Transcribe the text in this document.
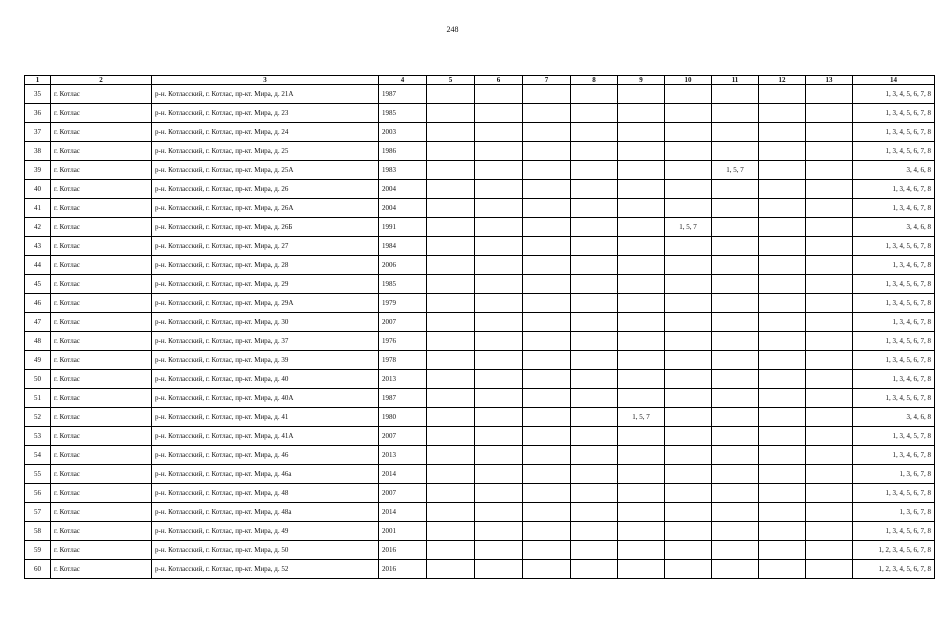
248
1	2	3	4	5	6	7	8	9	10	11	12	13	14
35	г. Котлас	р-н. Котласский, г. Котлас, пр-кт. Мира, д. 21А	1987										1, 3, 4, 5, 6, 7, 8
36	г. Котлас	р-н. Котласский, г. Котлас, пр-кт. Мира, д. 23	1985										1, 3, 4, 5, 6, 7, 8
37	г. Котлас	р-н. Котласский, г. Котлас, пр-кт. Мира, д. 24	2003										1, 3, 4, 5, 6, 7, 8
38	г. Котлас	р-н. Котласский, г. Котлас, пр-кт. Мира, д. 25	1986										1, 3, 4, 5, 6, 7, 8
39	г. Котлас	р-н. Котласский, г. Котлас, пр-кт. Мира, д. 25А	1983							1, 5, 7			3, 4, 6, 8
40	г. Котлас	р-н. Котласский, г. Котлас, пр-кт. Мира, д. 26	2004										1, 3, 4, 6, 7, 8
41	г. Котлас	р-н. Котласский, г. Котлас, пр-кт. Мира, д. 26А	2004										1, 3, 4, 6, 7, 8
42	г. Котлас	р-н. Котласский, г. Котлас, пр-кт. Мира, д. 26Б	1991						1, 5, 7				3, 4, 6, 8
43	г. Котлас	р-н. Котласский, г. Котлас, пр-кт. Мира, д. 27	1984										1, 3, 4, 5, 6, 7, 8
44	г. Котлас	р-н. Котласский, г. Котлас, пр-кт. Мира, д. 28	2006										1, 3, 4, 6, 7, 8
45	г. Котлас	р-н. Котласский, г. Котлас, пр-кт. Мира, д. 29	1985										1, 3, 4, 5, 6, 7, 8
46	г. Котлас	р-н. Котласский, г. Котлас, пр-кт. Мира, д. 29А	1979										1, 3, 4, 5, 6, 7, 8
47	г. Котлас	р-н. Котласский, г. Котлас, пр-кт. Мира, д. 30	2007										1, 3, 4, 6, 7, 8
48	г. Котлас	р-н. Котласский, г. Котлас, пр-кт. Мира, д. 37	1976										1, 3, 4, 5, 6, 7, 8
49	г. Котлас	р-н. Котласский, г. Котлас, пр-кт. Мира, д. 39	1978										1, 3, 4, 5, 6, 7, 8
50	г. Котлас	р-н. Котласский, г. Котлас, пр-кт. Мира, д. 40	2013										1, 3, 4, 6, 7, 8
51	г. Котлас	р-н. Котласский, г. Котлас, пр-кт. Мира, д. 40А	1987										1, 3, 4, 5, 6, 7, 8
52	г. Котлас	р-н. Котласский, г. Котлас, пр-кт. Мира, д. 41	1980					1, 5, 7					3, 4, 6, 8
53	г. Котлас	р-н. Котласский, г. Котлас, пр-кт. Мира, д. 41А	2007										1, 3, 4, 5, 7, 8
54	г. Котлас	р-н. Котласский, г. Котлас, пр-кт. Мира, д. 46	2013										1, 3, 4, 6, 7, 8
55	г. Котлас	р-н. Котласский, г. Котлас, пр-кт. Мира, д. 46а	2014										1, 3, 6, 7, 8
56	г. Котлас	р-н. Котласский, г. Котлас, пр-кт. Мира, д. 48	2007										1, 3, 4, 5, 6, 7, 8
57	г. Котлас	р-н. Котласский, г. Котлас, пр-кт. Мира, д. 48а	2014										1, 3, 6, 7, 8
58	г. Котлас	р-н. Котласский, г. Котлас, пр-кт. Мира, д. 49	2001										1, 3, 4, 5, 6, 7, 8
59	г. Котлас	р-н. Котласский, г. Котлас, пр-кт. Мира, д. 50	2016										1, 2, 3, 4, 5, 6, 7, 8
60	г. Котлас	р-н. Котласский, г. Котлас, пр-кт. Мира, д. 52	2016										1, 2, 3, 4, 5, 6, 7, 8
